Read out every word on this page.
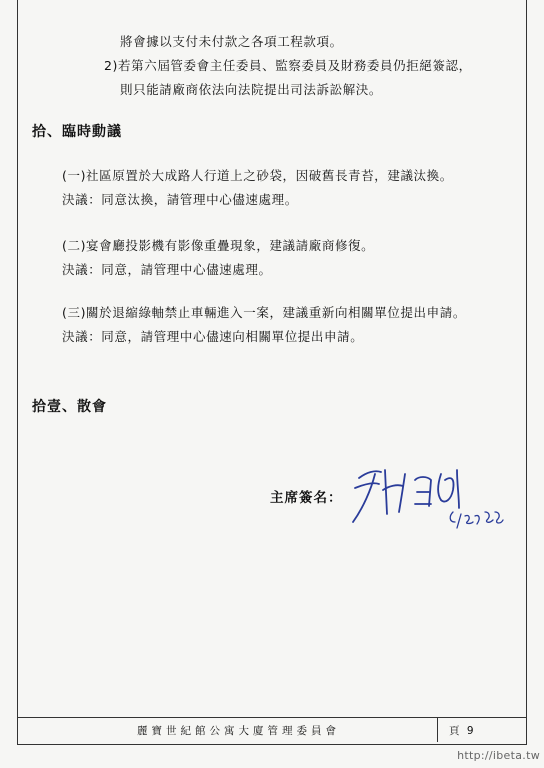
將會據以支付未付款之各項工程款項。
2)若第六屆管委會主任委員、監察委員及財務委員仍拒絕簽認，
則只能請廠商依法向法院提出司法訴訟解決。
拾、臨時動議
(一)社區原置於大成路人行道上之砂袋，因破舊長青苔，建議汰換。
決議：同意汰換，請管理中心儘速處理。
(二)宴會廳投影機有影像重疊現象，建議請廠商修復。
決議：同意，請管理中心儘速處理。
(三)關於退縮綠軸禁止車輛進入一案，建議重新向相關單位提出申請。
決議：同意，請管理中心儘速向相關單位提出申請。
拾壹、散會
主席簽名：
5/3 2018
麗寶世紀館公寓大廈管理委員會	頁 9
http://ibeta.tw
